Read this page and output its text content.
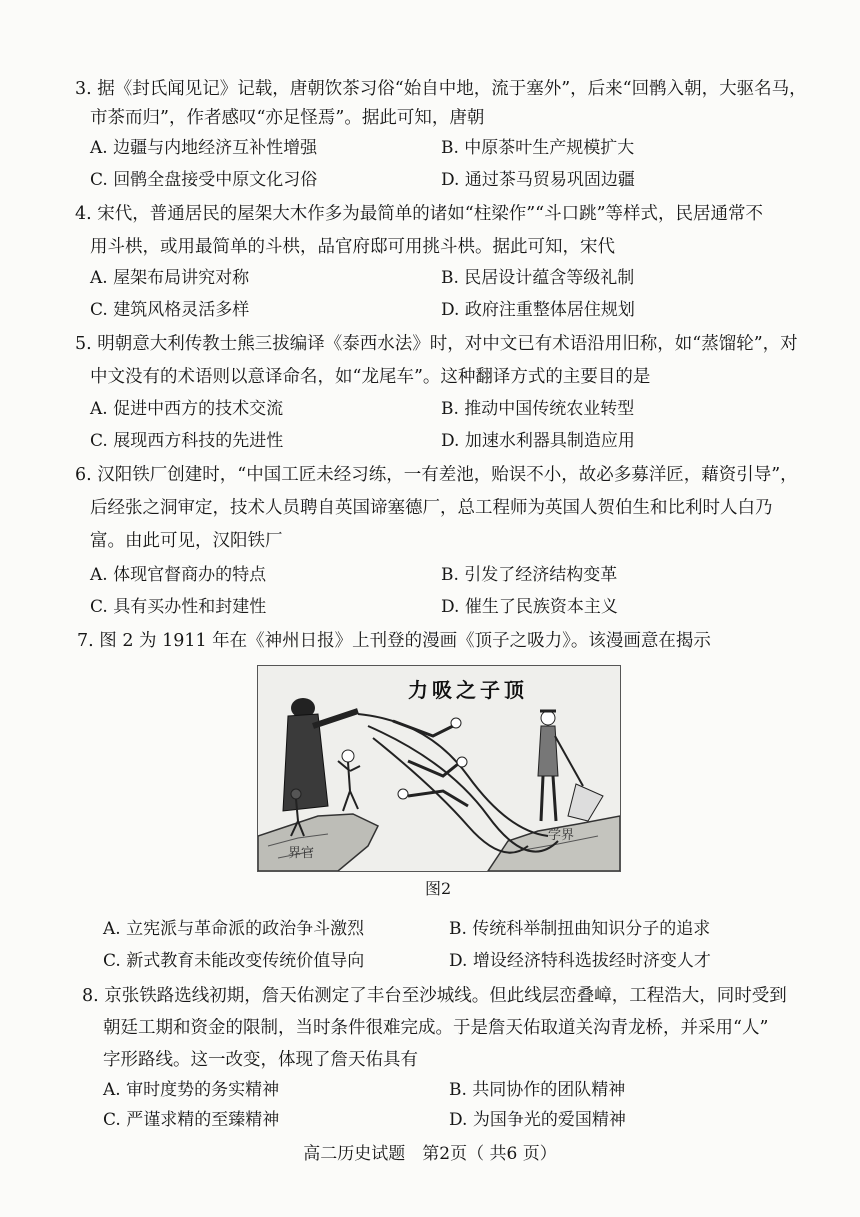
3. 据《封氏闻见记》记载，唐朝饮茶习俗“始自中地，流于塞外”，后来“回鹘入朝，大驱名马，
市茶而归”，作者感叹“亦足怪焉”。据此可知，唐朝
A. 边疆与内地经济互补性增强	B. 中原茶叶生产规模扩大
C. 回鹘全盘接受中原文化习俗	D. 通过茶马贸易巩固边疆
4. 宋代，普通居民的屋架大木作多为最简单的诸如“柱梁作”“斗口跳”等样式，民居通常不
用斗栱，或用最简单的斗栱，品官府邸可用挑斗栱。据此可知，宋代
A. 屋架布局讲究对称	B. 民居设计蕴含等级礼制
C. 建筑风格灵活多样	D. 政府注重整体居住规划
5. 明朝意大利传教士熊三拔编译《泰西水法》时，对中文已有术语沿用旧称，如“蒸馏轮”，对
中文没有的术语则以意译命名，如“龙尾车”。这种翻译方式的主要目的是
A. 促进中西方的技术交流	B. 推动中国传统农业转型
C. 展现西方科技的先进性	D. 加速水利器具制造应用
6. 汉阳铁厂创建时，“中国工匠未经习练，一有差池，贻误不小，故必多募洋匠，藉资引导”，
后经张之洞审定，技术人员聘自英国谛塞德厂，总工程师为英国人贺伯生和比利时人白乃
富。由此可见，汉阳铁厂
A. 体现官督商办的特点	B. 引发了经济结构变革
C. 具有买办性和封建性	D. 催生了民族资本主义
7. 图 2 为 1911 年在《神州日报》上刊登的漫画《顶子之吸力》。该漫画意在揭示
力吸之子顶
界官
学界
图2
A. 立宪派与革命派的政治争斗激烈	B. 传统科举制扭曲知识分子的追求
C. 新式教育未能改变传统价值导向	D. 增设经济特科选拔经时济变人才
8. 京张铁路选线初期，詹天佑测定了丰台至沙城线。但此线层峦叠嶂，工程浩大，同时受到
朝廷工期和资金的限制，当时条件很难完成。于是詹天佑取道关沟青龙桥，并采用“人”
字形路线。这一改变，体现了詹天佑具有
A. 审时度势的务实精神	B. 共同协作的团队精神
C. 严谨求精的至臻精神	D. 为国争光的爱国精神
高二历史试题　第2页（ 共6 页）
